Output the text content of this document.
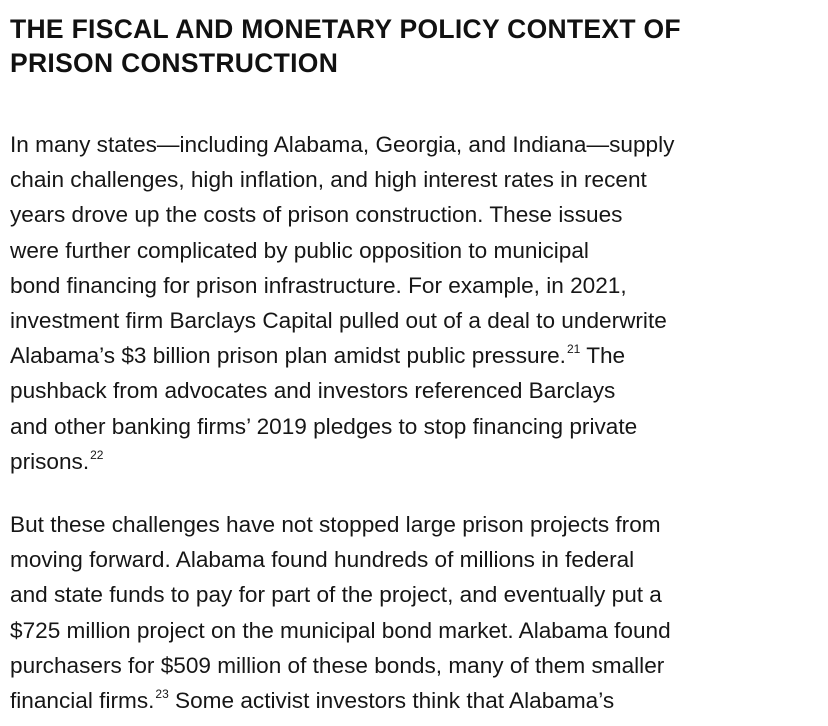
THE FISCAL AND MONETARY POLICY CONTEXT OF
PRISON CONSTRUCTION

In many states—including Alabama, Georgia, and Indiana—supply
chain challenges, high inflation, and high interest rates in recent
years drove up the costs of prison construction. These issues
were further complicated by public opposition to municipal
bond financing for prison infrastructure. For example, in 2021,
investment firm Barclays Capital pulled out of a deal to underwrite
Alabama’s $3 billion prison plan amidst public pressure.$^{21}$ The
pushback from advocates and investors referenced Barclays
and other banking firms’ 2019 pledges to stop financing private
prisons.$^{22}$

But these challenges have not stopped large prison projects from
moving forward. Alabama found hundreds of millions in federal
and state funds to pay for part of the project, and eventually put a
$725 million project on the municipal bond market. Alabama found
purchasers for $509 million of these bonds, many of them smaller
financial firms.$^{23}$ Some activist investors think that Alabama’s
